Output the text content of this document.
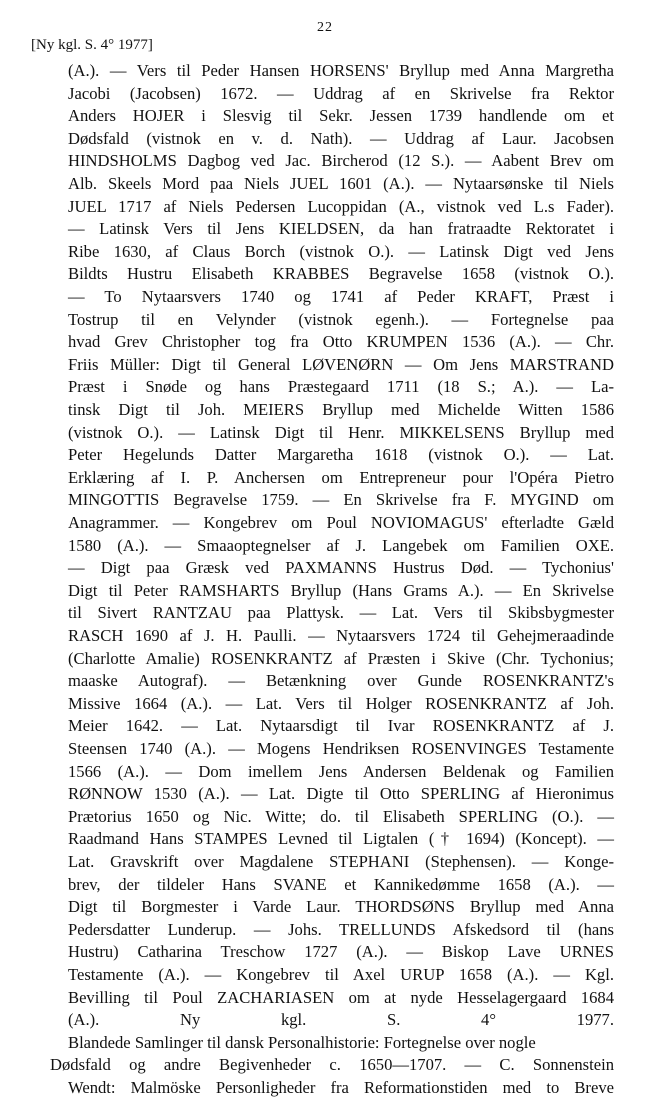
22
[Ny kgl. S. 4° 1977]
(A.). — Vers til Peder Hansen HORSENS' Bryllup med Anna Margretha
Jacobi (Jacobsen) 1672. — Uddrag af en Skrivelse fra Rektor
Anders HOJER i Slesvig til Sekr. Jessen 1739 handlende om et
Dødsfald (vistnok en v. d. Nath). — Uddrag af Laur. Jacobsen
HINDSHOLMS Dagbog ved Jac. Bircherod (12 S.). — Aabent Brev om
Alb. Skeels Mord paa Niels JUEL 1601 (A.). — Nytaarsønske til Niels
JUEL 1717 af Niels Pedersen Lucoppidan (A., vistnok ved L.s Fader).
— Latinsk Vers til Jens KIELDSEN, da han fratraadte Rektoratet i
Ribe 1630, af Claus Borch (vistnok O.). — Latinsk Digt ved Jens
Bildts Hustru Elisabeth KRABBES Begravelse 1658 (vistnok O.).
— To Nytaarsvers 1740 og 1741 af Peder KRAFT, Præst i
Tostrup til en Velynder (vistnok egenh.). — Fortegnelse paa
hvad Grev Christopher tog fra Otto KRUMPEN 1536 (A.). — Chr.
Friis Müller: Digt til General LØVENØRN — Om Jens MARSTRAND
Præst i Snøde og hans Præstegaard 1711 (18 S.; A.). — La-
tinsk Digt til Joh. MEIERS Bryllup med Michelde Witten 1586
(vistnok O.). — Latinsk Digt til Henr. MIKKELSENS Bryllup med
Peter Hegelunds Datter Margaretha 1618 (vistnok O.). — Lat.
Erklæring af I. P. Anchersen om Entrepreneur pour l'Opéra Pietro
MINGOTTIS Begravelse 1759. — En Skrivelse fra F. MYGIND om
Anagrammer. — Kongebrev om Poul NOVIOMAGUS' efterladte Gæld
1580 (A.). — Smaaoptegnelser af J. Langebek om Familien OXE.
— Digt paa Græsk ved PAXMANNS Hustrus Død. — Tychonius'
Digt til Peter RAMSHARTS Bryllup (Hans Grams A.). — En Skrivelse
til Sivert RANTZAU paa Plattysk. — Lat. Vers til Skibsbygmester
RASCH 1690 af J. H. Paulli. — Nytaarsvers 1724 til Gehejmeraadinde
(Charlotte Amalie) ROSENKRANTZ af Præsten i Skive (Chr. Tychonius;
maaske Autograf). — Betænkning over Gunde ROSENKRANTZ's
Missive 1664 (A.). — Lat. Vers til Holger ROSENKRANTZ af Joh.
Meier 1642. — Lat. Nytaarsdigt til Ivar ROSENKRANTZ af J.
Steensen 1740 (A.). — Mogens Hendriksen ROSENVINGES Testamente
1566 (A.). — Dom imellem Jens Andersen Beldenak og Familien
RØNNOW 1530 (A.). — Lat. Digte til Otto SPERLING af Hieronimus
Prætorius 1650 og Nic. Witte; do. til Elisabeth SPERLING (O.). —
Raadmand Hans STAMPES Levned til Ligtalen († 1694) (Koncept). —
Lat. Gravskrift over Magdalene STEPHANI (Stephensen). — Konge-
brev, der tildeler Hans SVANE et Kannikedømme 1658 (A.). —
Digt til Borgmester i Varde Laur. THORDSØNS Bryllup med Anna
Pedersdatter Lunderup. — Johs. TRELLUNDS Afskedsord til (hans
Hustru) Catharina Treschow 1727 (A.). — Biskop Lave URNES
Testamente (A.). — Kongebrev til Axel URUP 1658 (A.). — Kgl.
Bevilling til Poul ZACHARIASEN om at nyde Hesselagergaard 1684
(A.). Ny kgl. S. 4° 1977.
Blandede Samlinger til dansk Personalhistorie: Fortegnelse over nogle
Dødsfald og andre Begivenheder c. 1650—1707. — C. Sonnenstein
Wendt: Malmöske Personligheder fra Reformationstiden med to Breve
